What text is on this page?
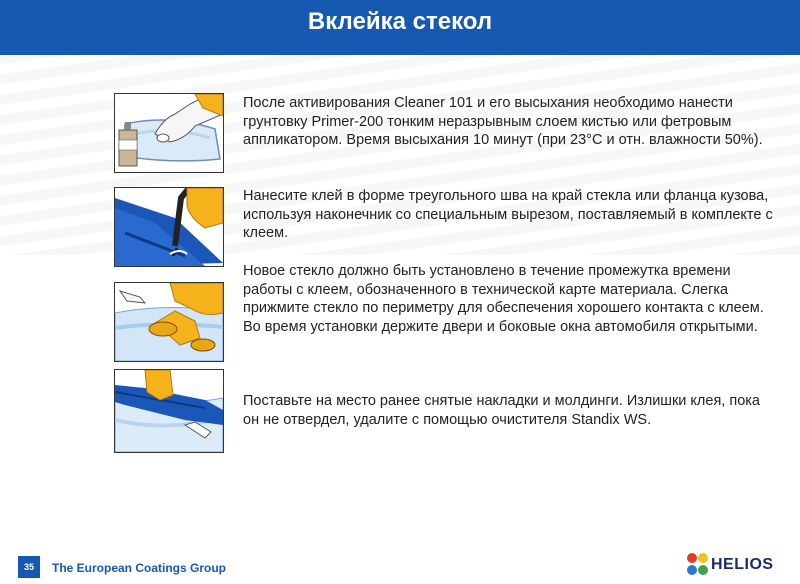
Вклейка стекол
После активирования Cleaner 101 и его высыхания необходимо нанести грунтовку Primer-200 тонким неразрывным слоем кистью или фетровым аппликатором. Время высыхания 10 минут (при 23°С и отн. влажности 50%).
Нанесите клей в форме треугольного шва на край стекла или фланца кузова, используя наконечник со специальным вырезом, поставляемый в комплекте с клеем.
Новое стекло должно быть установлено в течение промежутка времени работы с клеем, обозначенного в технической карте материала. Слегка прижмите стекло по периметру для обеспечения хорошего контакта с клеем. Во время установки держите двери и боковые окна автомобиля открытыми.
Поставьте на место ранее снятые накладки и молдинги. Излишки клея, пока он не отвердел, удалите с помощью очистителя Standix WS.
35	The European Coatings Group	HELIOS
